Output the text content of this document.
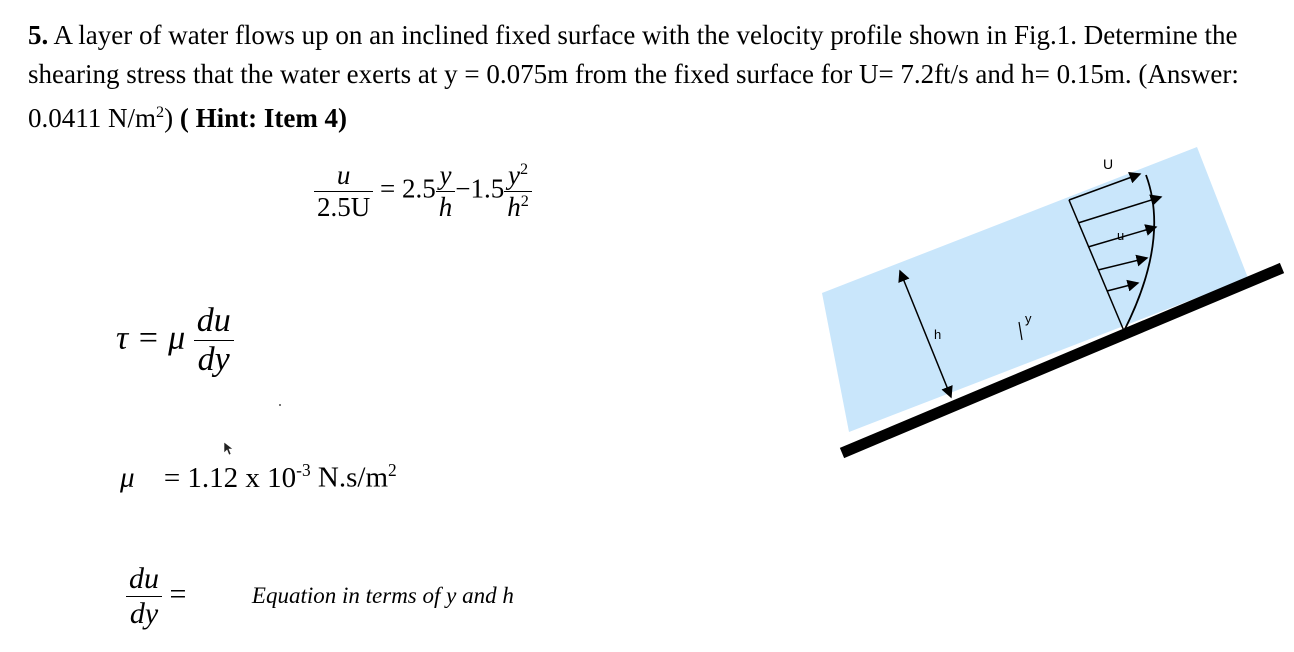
5. A layer of water flows up on an inclined fixed surface with the velocity profile shown in Fig.1. Determine the shearing stress that the water exerts at y = 0.075m from the fixed surface for U= 7.2ft/s and h= 0.15m. (Answer: 0.0411 $N/m^2$) ( Hint: Item 4)
$\frac{u}{2.5U} = 2.5 \frac{y}{h} -1.5 \frac{y^2}{h^2}$
τ = μ $\frac{du}{dy}$
μ = 1.12 x $10^{-3}$ $N.s/m^2$
$\frac{du}{dy}$ =	Equation in terms of y and h
h
y
U
u
